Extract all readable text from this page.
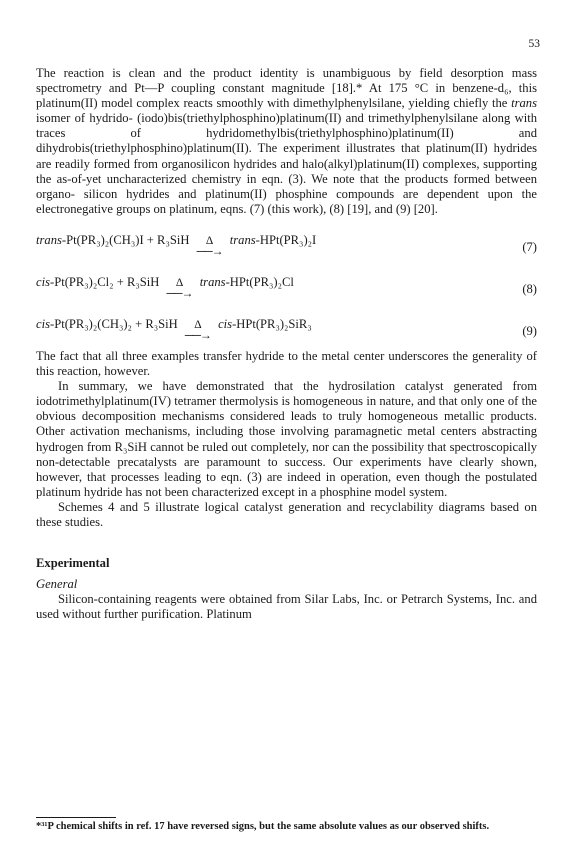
53

The reaction is clean and the product identity is unambiguous by field desorption mass spectrometry and Pt—P coupling constant magnitude [18].* At 175 °C in benzene-d₆, this platinum(II) model complex reacts smoothly with dimethylphenylsilane, yielding chiefly the trans isomer of hydrido- (iodo)bis(triethylphosphino)platinum(II) and trimethylphenylsilane along with traces of hydridomethylbis(triethylphosphino)platinum(II) and dihydrobis(triethylphosphino)platinum(II). The experiment illustrates that platinum(II) hydrides are readily formed from organosilicon hydrides and halo(alkyl)platinum(II) complexes, supporting the as-of-yet uncharacterized chemistry in eqn. (3). We note that the products formed between organo- silicon hydrides and platinum(II) phosphine compounds are dependent upon the electronegative groups on platinum, eqns. (7) (this work), (8) [19], and (9) [20].

trans-Pt(PR₃)₂(CH₃)I + R₃SiH Δ
──→
trans-HPt(PR₃)₂I	(7)
cis-Pt(PR₃)₂Cl₂ + R₃SiH Δ
──→
trans-HPt(PR₃)₂Cl	(8)
cis-Pt(PR₃)₂(CH₃)₂ + R₃SiH Δ
──→
cis-HPt(PR₃)₂SiR₃	(9)

The fact that all three examples transfer hydride to the metal center underscores the generality of this reaction, however.

In summary, we have demonstrated that the hydrosilation catalyst generated from iodotrimethylplatinum(IV) tetramer thermolysis is homogeneous in nature, and that only one of the obvious decomposition mechanisms considered leads to truly homogeneous metallic products. Other activation mechanisms, including those involving paramagnetic metal centers abstracting hydrogen from R₃SiH cannot be ruled out completely, nor can the possibility that spectroscopically non-detectable precatalysts are paramount to success. Our experiments have clearly shown, however, that processes leading to eqn. (3) are indeed in operation, even though the postulated platinum hydride has not been characterized except in a phosphine model system.

Schemes 4 and 5 illustrate logical catalyst generation and recyclability diagrams based on these studies.

Experimental

General

Silicon-containing reagents were obtained from Silar Labs, Inc. or Petrarch Systems, Inc. and used without further purification. Platinum

*³¹P chemical shifts in ref. 17 have reversed signs, but the same absolute values as our observed shifts.
